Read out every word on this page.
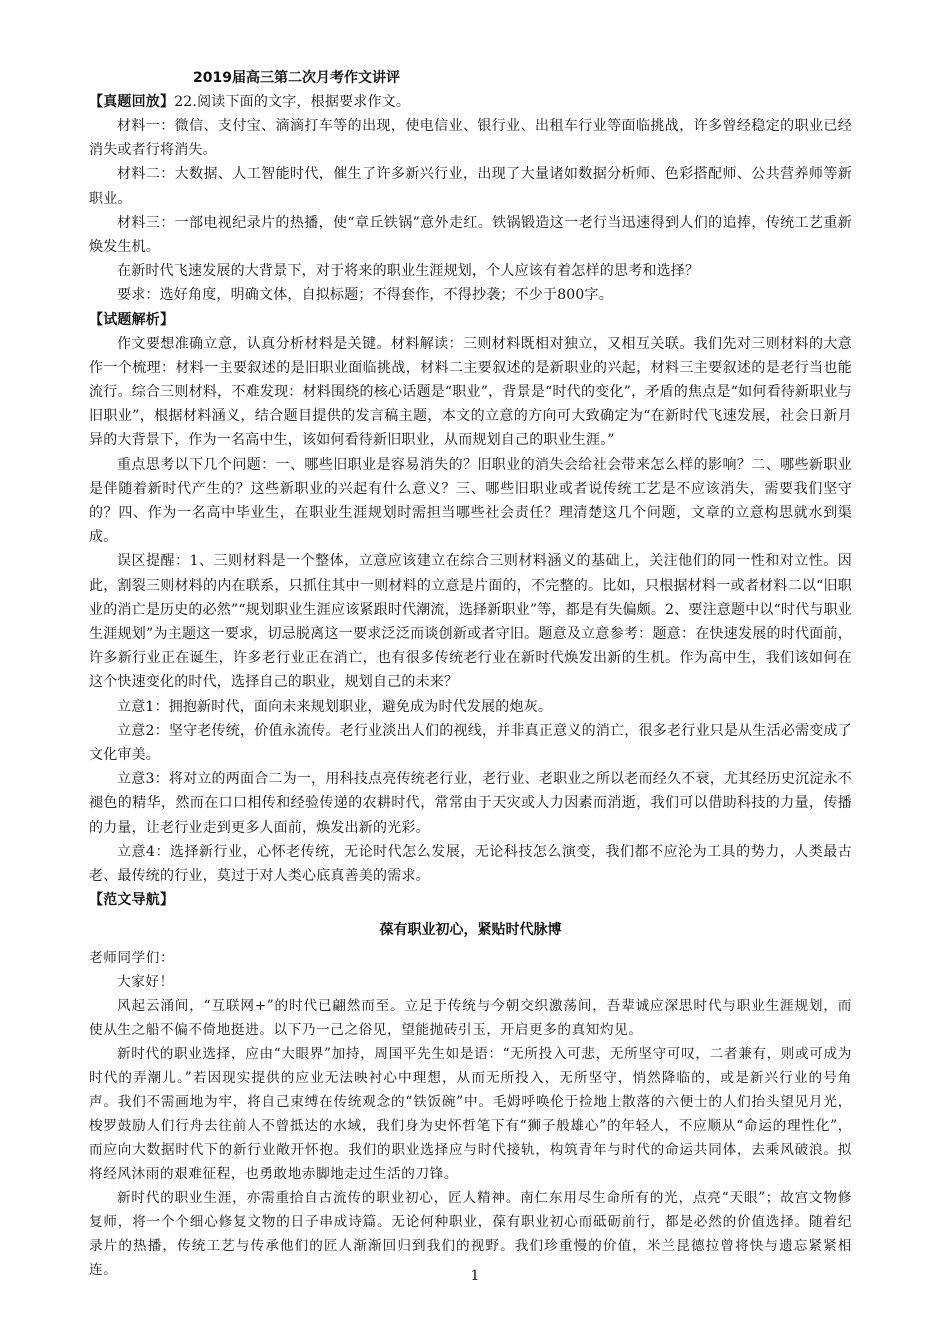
2019届高三第二次月考作文讲评

【真题回放】22.阅读下面的文字，根据要求作文。

材料一：微信、支付宝、滴滴打车等的出现，使电信业、银行业、出租车行业等面临挑战，许多曾经稳定的职业已经消失或者行将消失。

材料二：大数据、人工智能时代，催生了许多新兴行业，出现了大量诸如数据分析师、色彩搭配师、公共营养师等新职业。

材料三：一部电视纪录片的热播，使“章丘铁锅”意外走红。铁锅锻造这一老行当迅速得到人们的追捧，传统工艺重新焕发生机。

在新时代飞速发展的大背景下，对于将来的职业生涯规划，个人应该有着怎样的思考和选择？

要求：选好角度，明确文体，自拟标题；不得套作，不得抄袭；不少于800字。

【试题解析】

作文要想准确立意，认真分析材料是关键。材料解读：三则材料既相对独立，又相互关联。我们先对三则材料的大意作一个梳理：材料一主要叙述的是旧职业面临挑战，材料二主要叙述的是新职业的兴起，材料三主要叙述的是老行当也能流行。综合三则材料，不难发现：材料围绕的核心话题是“职业”，背景是“时代的变化”，矛盾的焦点是“如何看待新职业与旧职业”，根据材料涵义，结合题目提供的发言稿主题，本文的立意的方向可大致确定为“在新时代飞速发展，社会日新月异的大背景下，作为一名高中生，该如何看待新旧职业，从而规划自己的职业生涯。”

重点思考以下几个问题：一、哪些旧职业是容易消失的？旧职业的消失会给社会带来怎么样的影响？二、哪些新职业是伴随着新时代产生的？这些新职业的兴起有什么意义？三、哪些旧职业或者说传统工艺是不应该消失，需要我们坚守的？四、作为一名高中毕业生，在职业生涯规划时需担当哪些社会责任？理清楚这几个问题，文章的立意构思就水到渠成。

误区提醒：1、三则材料是一个整体，立意应该建立在综合三则材料涵义的基础上，关注他们的同一性和对立性。因此，割裂三则材料的内在联系，只抓住其中一则材料的立意是片面的，不完整的。比如，只根据材料一或者材料二以“旧职业的消亡是历史的必然”“规划职业生涯应该紧跟时代潮流，选择新职业”等，都是有失偏颇。2、要注意题中以“时代与职业生涯规划”为主题这一要求，切忌脱离这一要求泛泛而谈创新或者守旧。题意及立意参考：题意：在快速发展的时代面前，许多新行业正在诞生，许多老行业正在消亡，也有很多传统老行业在新时代焕发出新的生机。作为高中生，我们该如何在这个快速变化的时代，选择自己的职业，规划自己的未来？

立意1：拥抱新时代，面向未来规划职业，避免成为时代发展的炮灰。

立意2：坚守老传统，价值永流传。老行业淡出人们的视线，并非真正意义的消亡，很多老行业只是从生活必需变成了文化审美。

立意3：将对立的两面合二为一，用科技点亮传统老行业，老行业、老职业之所以老而经久不衰，尤其经历史沉淀永不褪色的精华，然而在口口相传和经验传递的农耕时代，常常由于天灾或人力因素而消逝，我们可以借助科技的力量，传播的力量，让老行业走到更多人面前，焕发出新的光彩。

立意4：选择新行业，心怀老传统，无论时代怎么发展，无论科技怎么演变，我们都不应沦为工具的势力，人类最古老、最传统的行业，莫过于对人类心底真善美的需求。

【范文导航】

葆有职业初心，紧贴时代脉博

老师同学们：

大家好！

风起云涌间，“互联网+”的时代已翩然而至。立足于传统与今朝交织激荡间，吾辈诚应深思时代与职业生涯规划，而使从生之船不偏不倚地挺进。以下乃一己之俗见，望能抛砖引玉，开启更多的真知灼见。

新时代的职业选择，应由“大眼界”加持，周国平先生如是语：“无所投入可悲，无所坚守可叹，二者兼有，则或可成为时代的弄潮儿。”若因现实提供的应业无法映衬心中理想，从而无所投入，无所坚守，悄然降临的，或是新兴行业的号角声。我们不需画地为牢，将自己束缚在传统观念的“铁饭碗”中。毛姆呼唤伦于捡地上散落的六便士的人们抬头望见月光，梭罗鼓励人们行舟去往前人不曾抵达的水域，我们身为史怀哲笔下有“狮子般雄心”的年轻人，不应顺从“命运的理性化”，而应向大数据时代下的新行业敞开怀抱。我们的职业选择应与时代接轨，构筑青年与时代的命运共同体，去乘风破浪。拟将经风沐雨的艰难征程，也勇敢地赤脚地走过生活的刀锋。

新时代的职业生涯，亦需重拾自古流传的职业初心，匠人精神。南仁东用尽生命所有的光，点亮“天眼”；故宫文物修复师，将一个个细心修复文物的日子串成诗篇。无论何种职业，葆有职业初心而砥砺前行，都是必然的价值选择。随着纪录片的热播，传统工艺与传承他们的匠人渐渐回归到我们的视野。我们珍重慢的价值，米兰昆德拉曾将快与遗忘紧紧相连。	1
